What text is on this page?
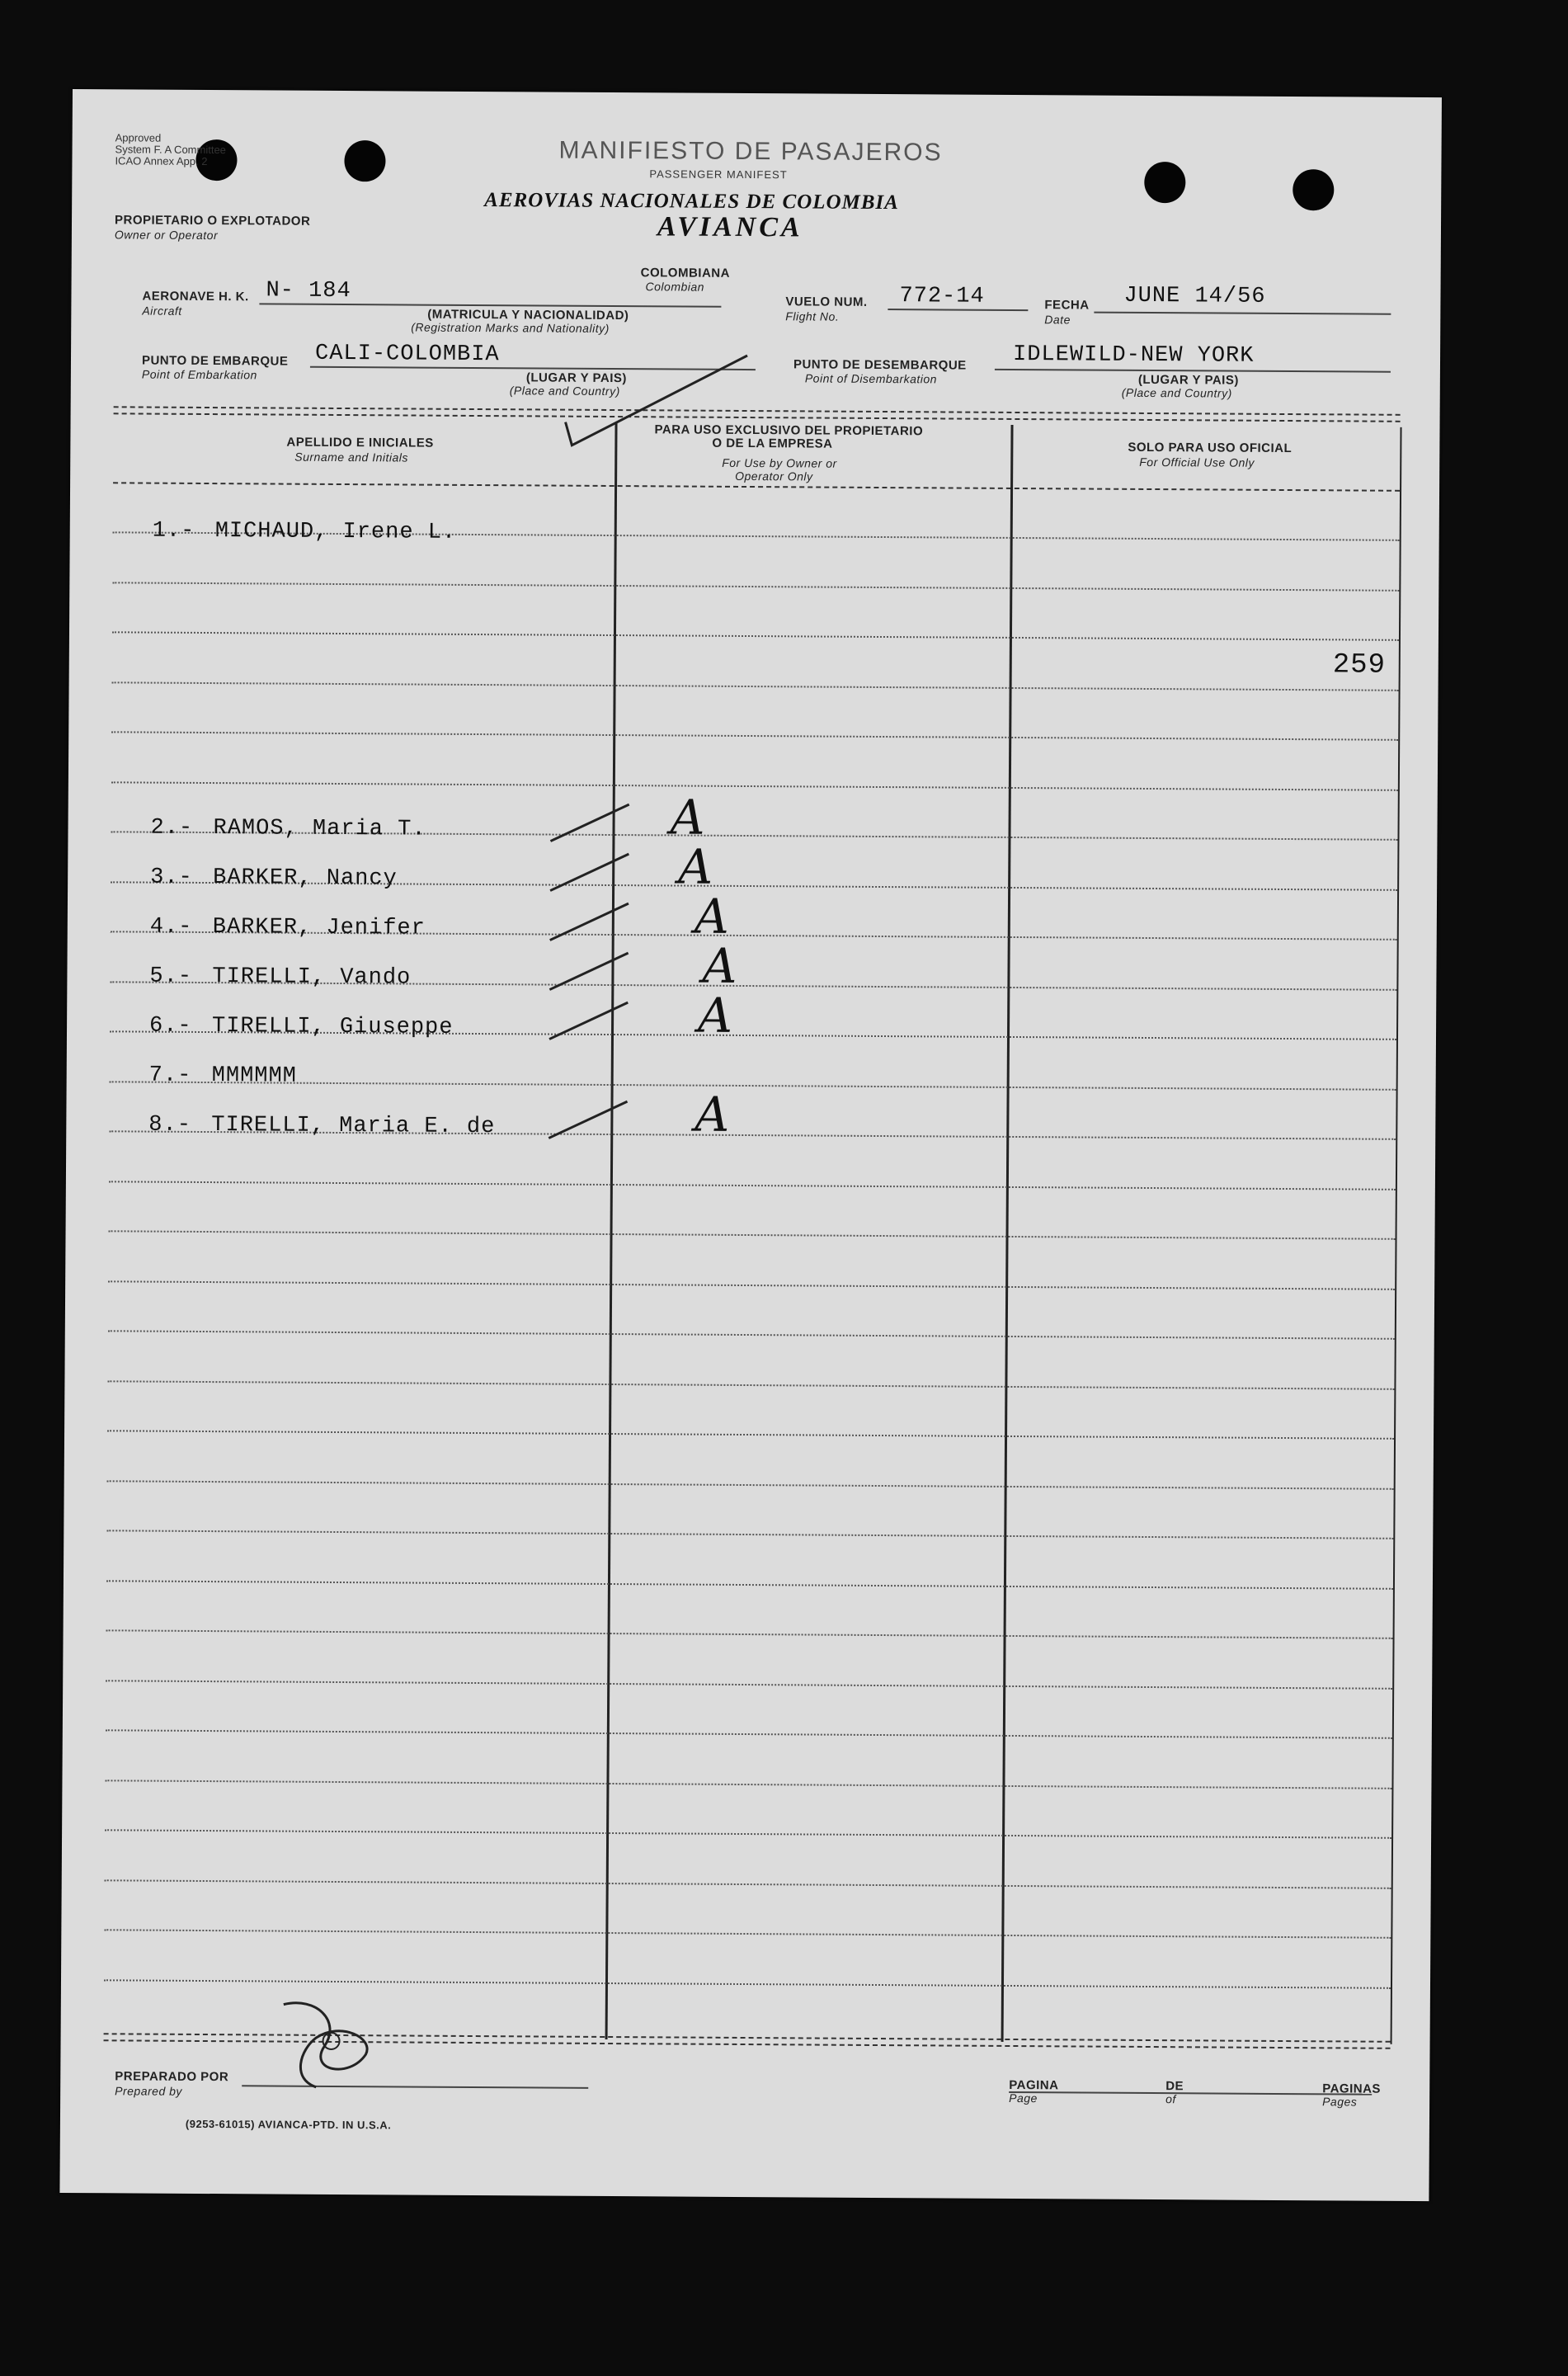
Approved
System F. A Committee
ICAO Annex App. 2	MANIFIESTO DE PASAJEROS
PASSENGER MANIFEST
AEROVIAS NACIONALES DE COLOMBIA
AVIANCA
PROPIETARIO O EXPLOTADOR
Owner or Operator
COLOMBIANA
Colombian
AERONAVE H. K.
Aircraft
N- 184
(MATRICULA Y NACIONALIDAD)
(Registration Marks and Nationality)
VUELO NUM.
Flight No.
772-14	FECHA
Date
JUNE 14/56
PUNTO DE EMBARQUE
Point of Embarkation
CALI-COLOMBIA
(LUGAR Y PAIS)
(Place and Country)
PUNTO DE DESEMBARQUE
Point of Disembarkation
IDLEWILD-NEW YORK
(LUGAR Y PAIS)
(Place and Country)
APELLIDO E INICIALES
Surname and Initials
PARA USO EXCLUSIVO DEL PROPIETARIO
O DE LA EMPRESA
For Use by Owner or
Operator Only
SOLO PARA USO OFICIAL
For Official Use Only
1.- MICHAUD, Irene L.
2.- RAMOS, Maria T.	A
3.- BARKER, Nancy	A
4.- BARKER, Jenifer	A
5.- TIRELLI, Vando	A
6.- TIRELLI, Giuseppe	A
7.- MMMMMM
8.- TIRELLI, Maria E. de	A
259
PREPARADO POR
Prepared by
(9253-61015) AVIANCA-PTD. IN U.S.A.
PAGINA
Page
DE
of
PAGINAS
Pages
